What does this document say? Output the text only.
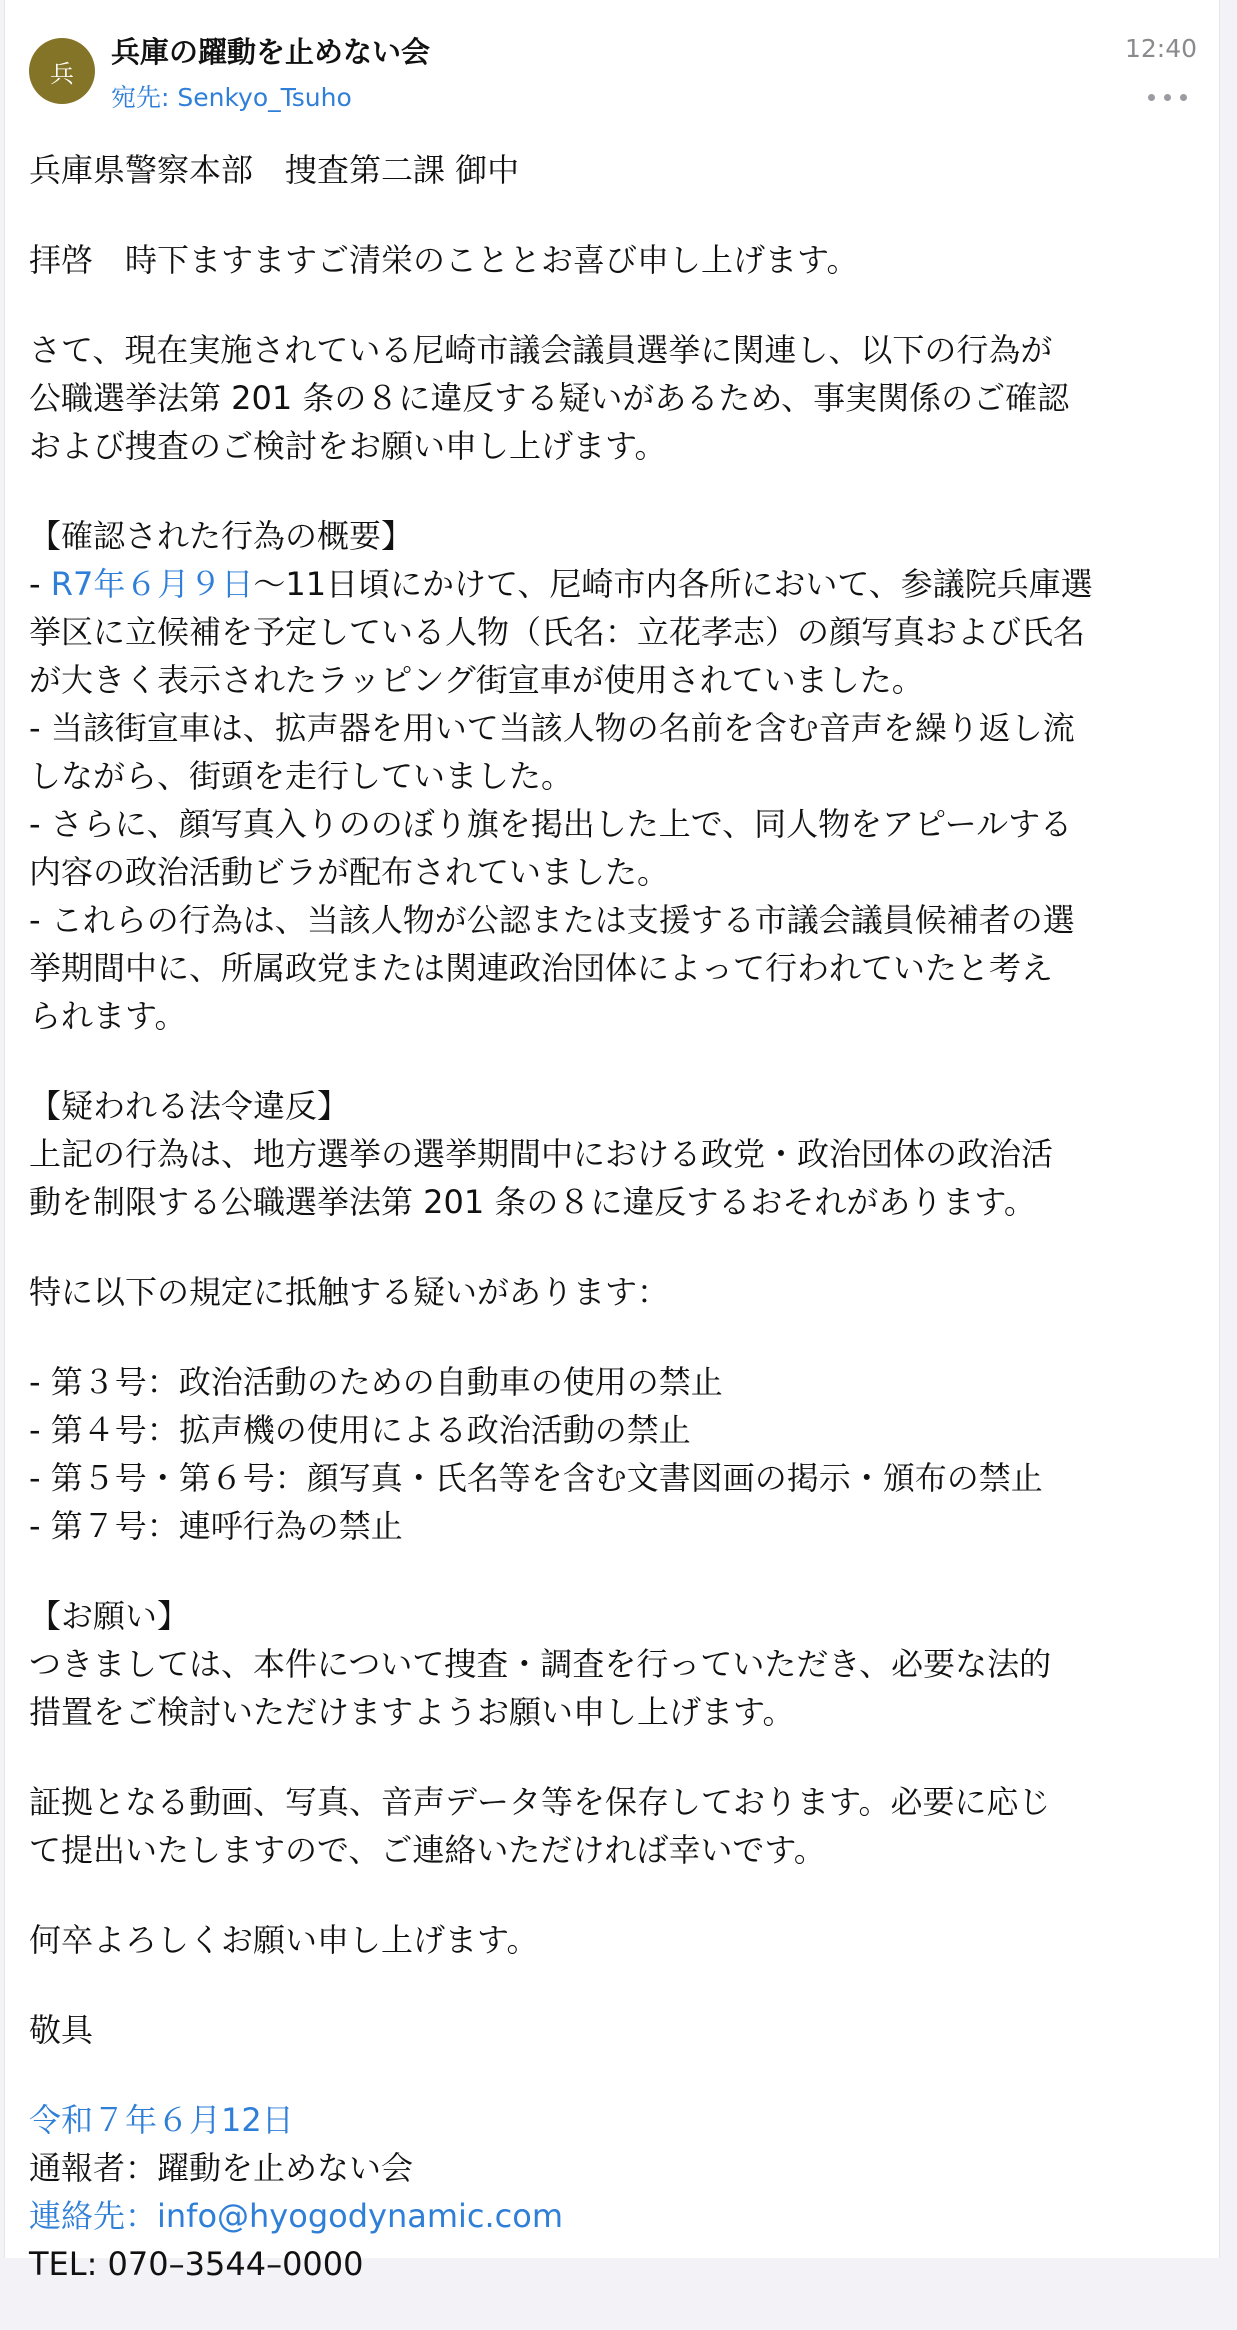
兵
兵庫の躍動を止めない会
宛先: Senkyo_Tsuho
12:40

兵庫県警察本部　捜査第二課 御中

拝啓　時下ますますご清栄のこととお喜び申し上げます。

さて、現在実施されている尼崎市議会議員選挙に関連し、以下の行為が
公職選挙法第 201 条の８に違反する疑いがあるため、事実関係のご確認
および捜査のご検討をお願い申し上げます。

【確認された行為の概要】
- R7年６月９日〜11日頃にかけて、尼崎市内各所において、参議院兵庫選
挙区に立候補を予定している人物（氏名：立花孝志）の顔写真および氏名
が大きく表示されたラッピング街宣車が使用されていました。
- 当該街宣車は、拡声器を用いて当該人物の名前を含む音声を繰り返し流
しながら、街頭を走行していました。
- さらに、顔写真入りののぼり旗を掲出した上で、同人物をアピールする
内容の政治活動ビラが配布されていました。
- これらの行為は、当該人物が公認または支援する市議会議員候補者の選
挙期間中に、所属政党または関連政治団体によって行われていたと考え
られます。

【疑われる法令違反】
上記の行為は、地方選挙の選挙期間中における政党・政治団体の政治活
動を制限する公職選挙法第 201 条の８に違反するおそれがあります。

特に以下の規定に抵触する疑いがあります：

- 第３号：政治活動のための自動車の使用の禁止
- 第４号：拡声機の使用による政治活動の禁止
- 第５号・第６号：顔写真・氏名等を含む文書図画の掲示・頒布の禁止
- 第７号：連呼行為の禁止

【お願い】
つきましては、本件について捜査・調査を行っていただき、必要な法的
措置をご検討いただけますようお願い申し上げます。

証拠となる動画、写真、音声データ等を保存しております。必要に応じ
て提出いたしますので、ご連絡いただければ幸いです。

何卒よろしくお願い申し上げます。

敬具

令和７年６月12日
通報者：躍動を止めない会
連絡先：info@hyogodynamic.com
TEL: 070–3544–0000
